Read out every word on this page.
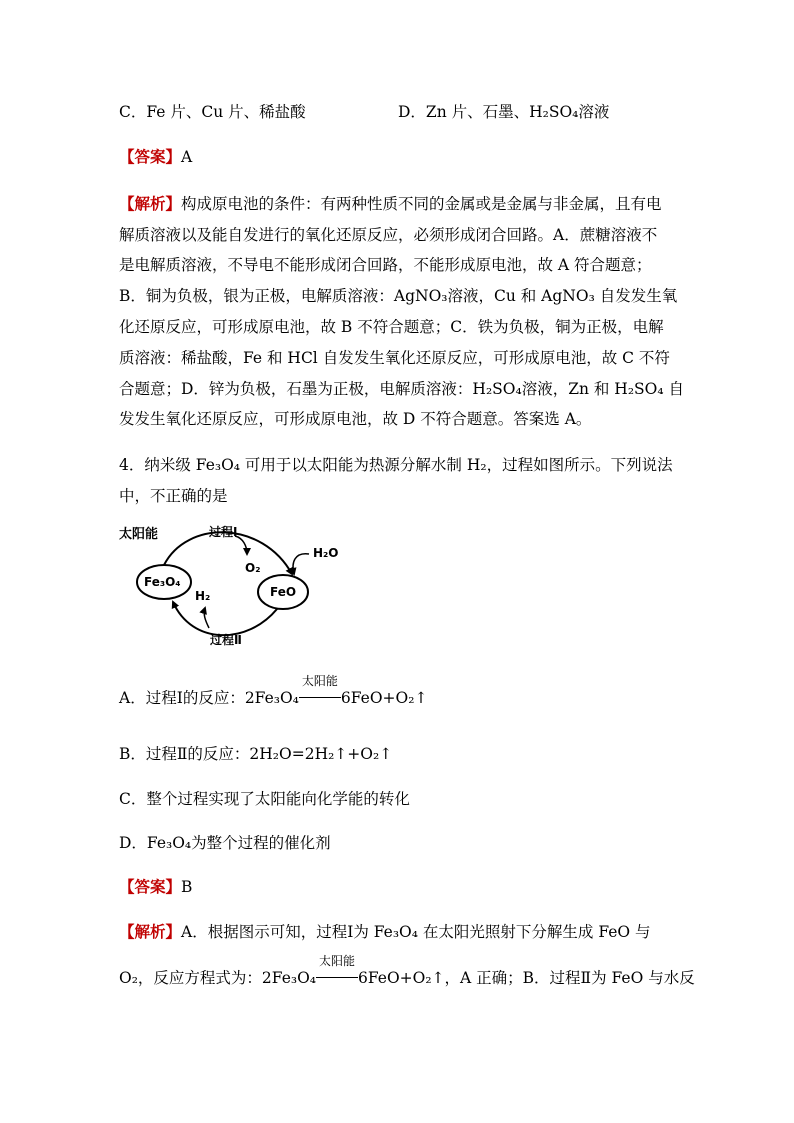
C．Fe 片、Cu 片、稀盐酸	D．Zn 片、石墨、H₂SO₄溶液
【答案】A
【解析】构成原电池的条件：有两种性质不同的金属或是金属与非金属，且有电
解质溶液以及能自发进行的氧化还原反应，必须形成闭合回路。A．蔗糖溶液不
是电解质溶液，不导电不能形成闭合回路，不能形成原电池，故 A 符合题意；
B．铜为负极，银为正极，电解质溶液：AgNO₃溶液，Cu 和 AgNO₃ 自发发生氧
化还原反应，可形成原电池，故 B 不符合题意；C．铁为负极，铜为正极，电解
质溶液：稀盐酸，Fe 和 HCl 自发发生氧化还原反应，可形成原电池，故 C 不符
合题意；D．锌为负极，石墨为正极，电解质溶液：H₂SO₄溶液，Zn 和 H₂SO₄ 自
发发生氧化还原反应，可形成原电池，故 D 不符合题意。答案选 A。
4．纳米级 Fe₃O₄ 可用于以太阳能为热源分解水制 H₂，过程如图所示。下列说法
中，不正确的是
太阳能	过程Ⅰ
O₂
H₂O
H₂
Fe₃O₄
FeO
过程Ⅱ
A．过程Ⅰ的反应：2Fe₃O₄
太阳能
6FeO+O₂↑
B．过程Ⅱ的反应：2H₂O=2H₂↑+O₂↑
C．整个过程实现了太阳能向化学能的转化
D．Fe₃O₄为整个过程的催化剂
【答案】B
【解析】A．根据图示可知，过程Ⅰ为 Fe₃O₄ 在太阳光照射下分解生成 FeO 与
O₂，反应方程式为：2Fe₃O₄
太阳能
6FeO+O₂↑，A 正确；B．过程Ⅱ为 FeO 与水反
